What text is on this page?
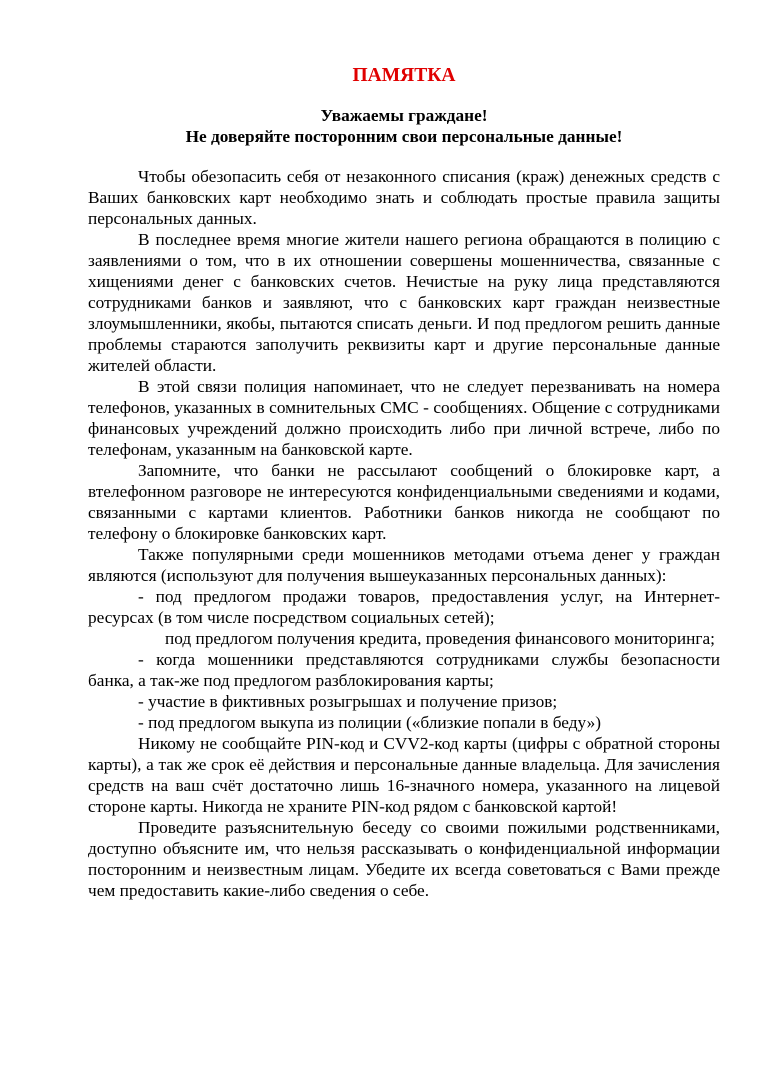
ПАМЯТКА
Уважаемы граждане!
Не доверяйте посторонним свои персональные данные!

Чтобы обезопасить себя от незаконного списания (краж) денежных средств с Ваших банковских карт необходимо знать и соблюдать простые правила защиты персональных данных.

В последнее время многие жители нашего региона обращаются в полицию с заявлениями о том, что в их отношении совершены мошенничества, связанные с хищениями денег с банковских счетов. Нечистые на руку лица представляются сотрудниками банков и заявляют, что с банковских карт граждан неизвестные злоумышленники, якобы, пытаются списать деньги. И под предлогом решить данные проблемы стараются заполучить реквизиты карт и другие персональные данные жителей области.

В этой связи полиция напоминает, что не следует перезванивать на номера телефонов, указанных в сомнительных СМС - сообщениях. Общение с сотрудниками финансовых учреждений должно происходить либо при личной встрече, либо по телефонам, указанным на банковской карте.

Запомните, что банки не рассылают сообщений о блокировке карт, а втелефонном разговоре не интересуются конфиденциальными сведениями и кодами, связанными с картами клиентов. Работники банков никогда не сообщают по телефону о блокировке банковских карт.

Также популярными среди мошенников методами отъема денег у граждан являются (используют для получения вышеуказанных персональных данных):

- под предлогом продажи товаров, предоставления услуг, на Интернет-ресурсах (в том числе посредством социальных сетей);

под предлогом получения кредита, проведения финансового мониторинга;

- когда мошенники представляются сотрудниками службы безопасности банка, а так-же под предлогом разблокирования карты;

- участие в фиктивных розыгрышах и получение призов;

- под предлогом выкупа из полиции («близкие попали в беду»)

Никому не сообщайте PIN-код и CVV2-код карты (цифры с обратной стороны карты), а так же срок её действия и персональные данные владельца. Для зачисления средств на ваш счёт достаточно лишь 16-значного номера, указанного на лицевой стороне карты. Никогда не храните PIN-код рядом с банковской картой!

Проведите разъяснительную беседу со своими пожилыми родственниками, доступно объясните им, что нельзя рассказывать о конфиденциальной информации посторонним и неизвестным лицам. Убедите их всегда советоваться с Вами прежде чем предоставить какие-либо сведения о себе.
